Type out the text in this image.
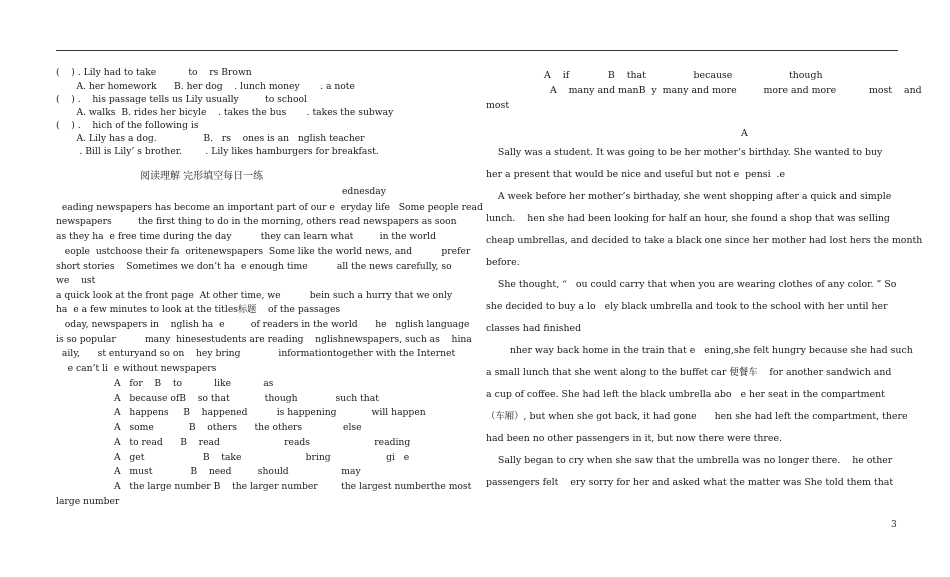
(    ) . Lily had to take           to    rs Brown
A. her homework      B. her dog    . lunch money       . a note
(    ) .    his passage tells us Lily usually         to school
A. walks  B. rides her bicyle    . takes the bus       . takes the subway
(    ) .    hich of the following is
A. Lily has a dog.                B.   rs    ones is an   nglish teacher
. Bill is Lily’ s brother.        . Lily likes hamburgers for breakfast.
阅读理解 完形填空每日一练
ednesday
eading newspapers has become an important part of our e  eryday life   Some people read
newspapers         the first thing to do in the morning, others read newspapers as soon
as they ha  e free time during the day          they can learn what         in the world
eople  ustchoose their fa  oritenewspapers  Some like the world news, and          prefer
short stories    Sometimes we don’t ha  e enough time          all the news carefully, so
we    ust
a quick look at the front page  At other time, we          bein such a hurry that we only
ha  e a few minutes to look at the titles标题    of the passages
oday, newspapers in    nglish ha  e         of readers in the world      he   nglish language
is so popular          many  hinesestudents are reading    nglishnewspapers, such as    hina
aily,      st enturyand so on    hey bring             informationtogether with the Internet
e can’t li  e without newspapers
A   for    B    to           like           as
A   because ofB    so that            though             such that
A   happens     B    happened          is happening            will happen
A   some            B    others      the others              else
A   to read      B    read                      reads                      reading
A   get                    B    take                      bring                   gi   e
A   must             B    need         should                  may
A   the large number B    the larger number        the largest numberthe most
large number
A    if             B    that                because                   though
A    many and manB  y  many and more         more and more           most    and
most
A
Sally was a student. It was going to be her mother’s birthday. She wanted to buy
her a present that would be nice and useful but not e  pensi  .e
A week before her mother’s birthaday, she went shopping after a quick and simple
lunch.    hen she had been looking for half an hour, she found a shop that was selling
cheap umbrellas, and decided to take a black one since her mother had lost hers the month
before.
She thought, “   ou could carry that when you are wearing clothes of any color. ” So
she decided to buy a lo   ely black umbrella and took to the school with her until her
classes had finished
nher way back home in the train that e   ening,she felt hungry because she had such
a small lunch that she went along to the buffet car 便餐车    for another sandwich and
a cup of coffee. She had left the black umbrella abo   e her seat in the compartment
（车厢）, but when she got back, it had gone      hen she had left the compartment, there
had been no other passengers in it, but now there were three.
Sally began to cry when she saw that the umbrella was no longer there.    he other
passengers felt    ery sorry for her and asked what the matter was She told them that
3
